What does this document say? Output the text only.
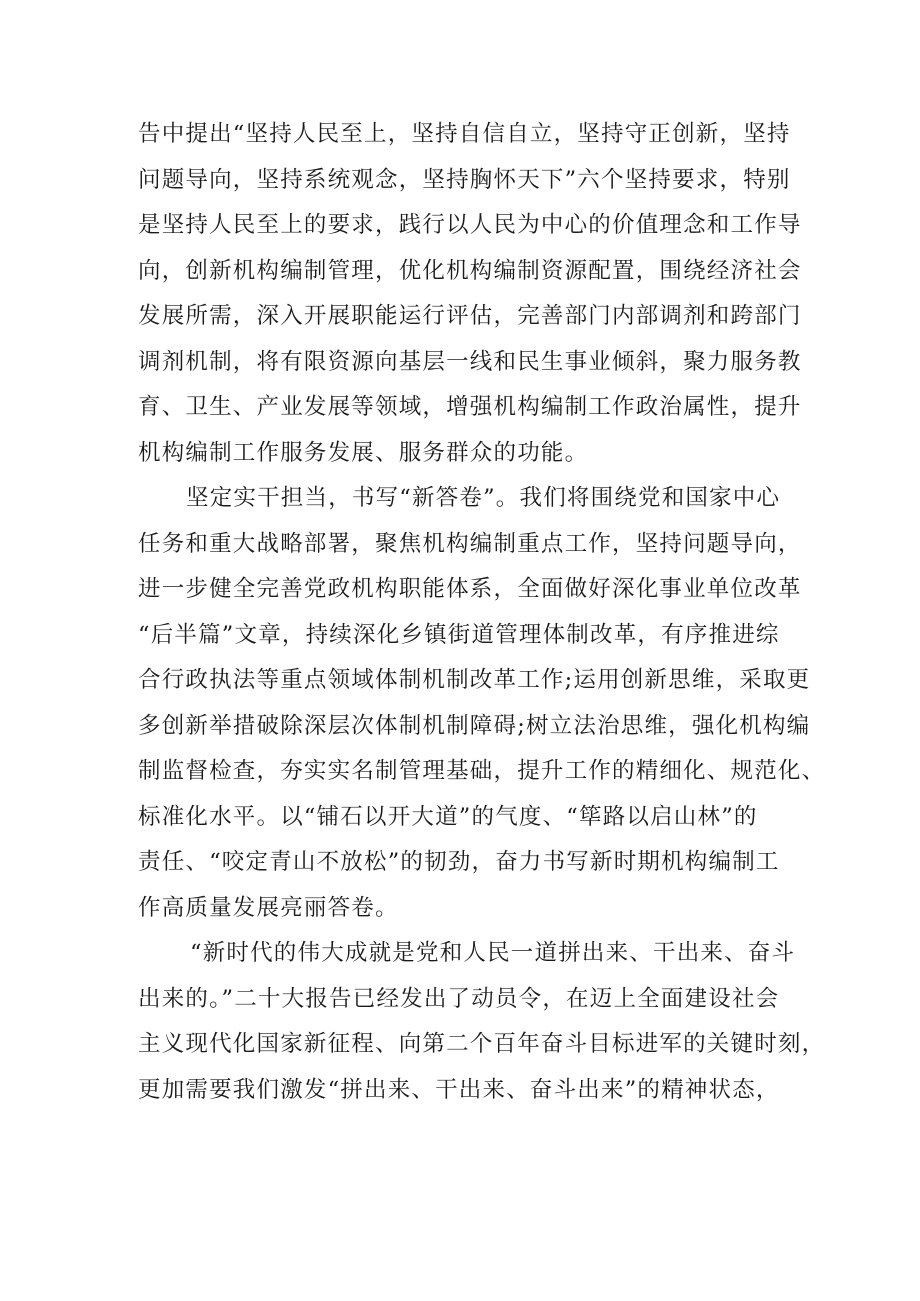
告中提出“坚持人民至上，坚持自信自立，坚持守正创新，坚持
问题导向，坚持系统观念，坚持胸怀天下”六个坚持要求，特别
是坚持人民至上的要求，践行以人民为中心的价值理念和工作导
向，创新机构编制管理，优化机构编制资源配置，围绕经济社会
发展所需，深入开展职能运行评估，完善部门内部调剂和跨部门
调剂机制，将有限资源向基层一线和民生事业倾斜，聚力服务教
育、卫生、产业发展等领域，增强机构编制工作政治属性，提升
机构编制工作服务发展、服务群众的功能。
坚定实干担当，书写“新答卷”。我们将围绕党和国家中心
任务和重大战略部署，聚焦机构编制重点工作，坚持问题导向，
进一步健全完善党政机构职能体系，全面做好深化事业单位改革
“后半篇”文章，持续深化乡镇街道管理体制改革，有序推进综
合行政执法等重点领域体制机制改革工作;运用创新思维，采取更
多创新举措破除深层次体制机制障碍;树立法治思维，强化机构编
制监督检查，夯实实名制管理基础，提升工作的精细化、规范化、
标准化水平。以“铺石以开大道”的气度、“筚路以启山林”的
责任、“咬定青山不放松”的韧劲，奋力书写新时期机构编制工
作高质量发展亮丽答卷。
“新时代的伟大成就是党和人民一道拼出来、干出来、奋斗
出来的。”二十大报告已经发出了动员令，在迈上全面建设社会
主义现代化国家新征程、向第二个百年奋斗目标进军的关键时刻，
更加需要我们激发“拼出来、干出来、奋斗出来”的精神状态，
